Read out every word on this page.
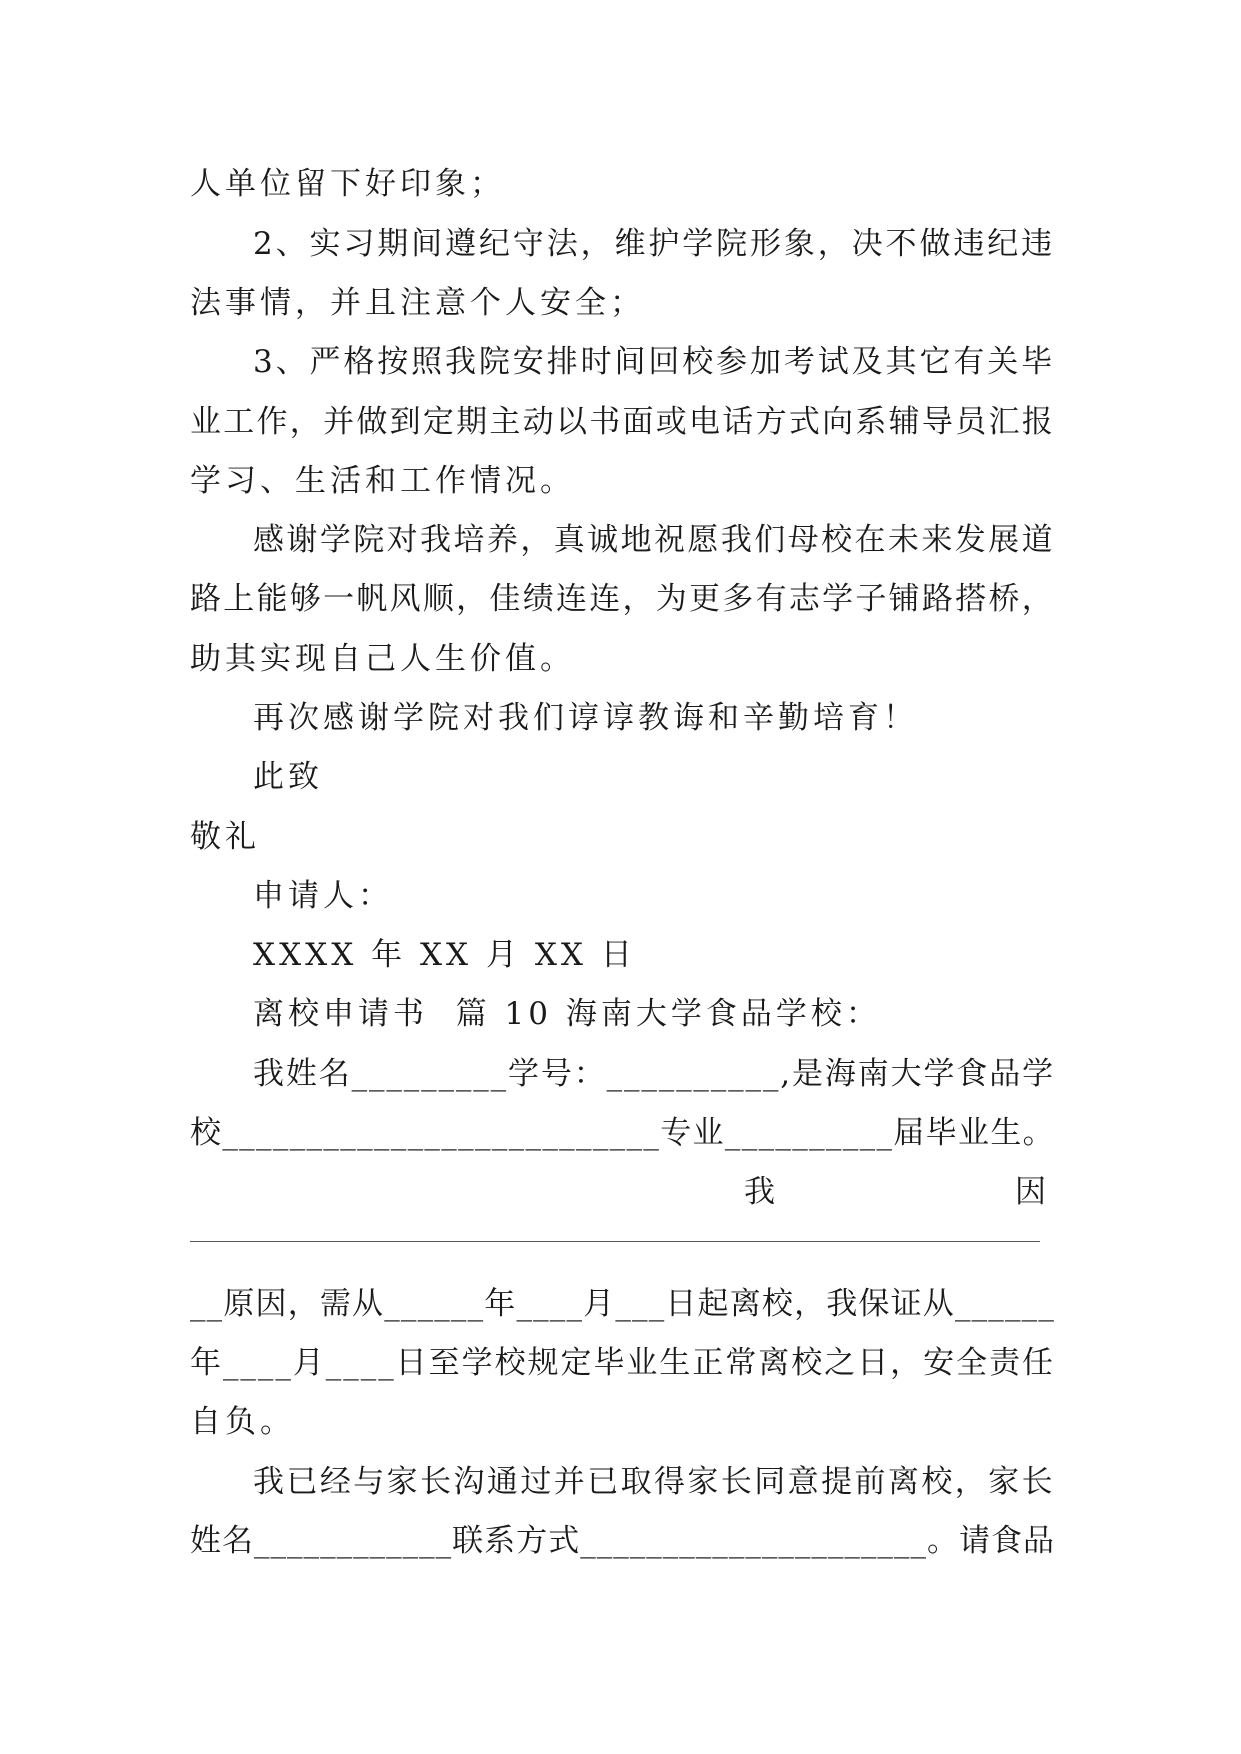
人单位留下好印象；
2、实习期间遵纪守法，维护学院形象，决不做违纪违
法事情，并且注意个人安全；
3、严格按照我院安排时间回校参加考试及其它有关毕
业工作，并做到定期主动以书面或电话方式向系辅导员汇报
学习、生活和工作情况。
感谢学院对我培养，真诚地祝愿我们母校在未来发展道
路上能够一帆风顺，佳绩连连，为更多有志学子铺路搭桥，
助其实现自己人生价值。
再次感谢学院对我们谆谆教诲和辛勤培育！
此致
敬礼
申请人：
XXXX 年 XX 月 XX 日
离校申请书  篇 10 海南大学食品学校：
我姓名_________学号：__________,是海南大学食品学
校__________________________专业__________届毕业生。
我	因
__原因，需从______年____月___日起离校，我保证从______
年____月____日至学校规定毕业生正常离校之日，安全责任
自负。
我已经与家长沟通过并已取得家长同意提前离校，家长
姓名____________联系方式_____________________。请食品
